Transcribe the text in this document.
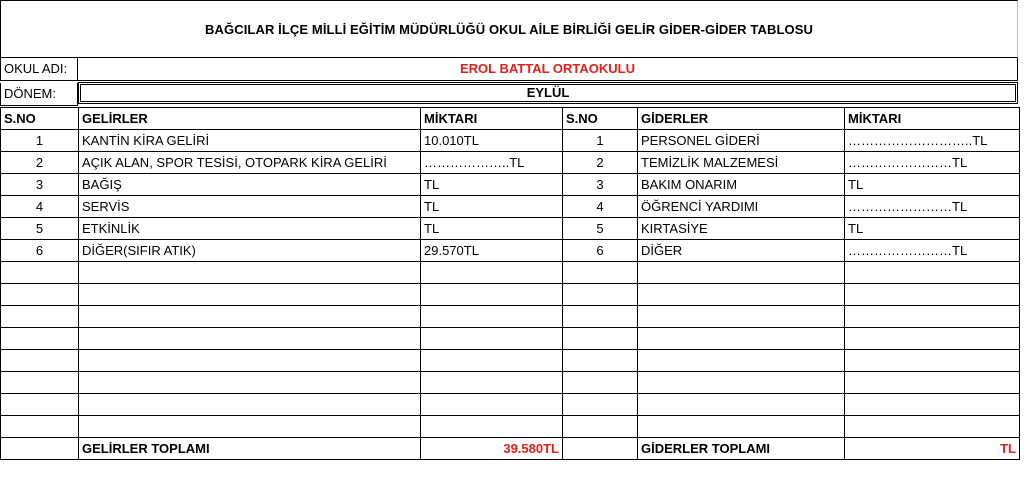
BAĞCILAR İLÇE MİLLİ EĞİTİM MÜDÜRLÜĞÜ OKUL AİLE BİRLİĞİ GELİR GİDER-GİDER TABLOSU
OKUL ADI:	EROL BATTAL ORTAOKULU
DÖNEM:	EYLÜL
S.NO	GELİRLER	MİKTARI	S.NO	GİDERLER	MİKTARI
1	KANTİN KİRA GELİRİ	10.010TL	1	PERSONEL GİDERİ	………………………..TL
2	AÇIK ALAN, SPOR TESİSİ, OTOPARK KİRA GELİRİ	………………..TL	2	TEMİZLİK MALZEMESİ	……………………TL
3	BAĞIŞ	TL	3	BAKIM ONARIM	TL
4	SERVİS	TL	4	ÖĞRENCİ YARDIMI	……………………TL
5	ETKİNLİK	TL	5	KIRTASİYE	TL
6	DİĞER(SIFIR ATIK)	29.570TL	6	DİĞER	……………………TL

	GELİRLER TOPLAMI	39.580TL		GİDERLER TOPLAMI	TL
